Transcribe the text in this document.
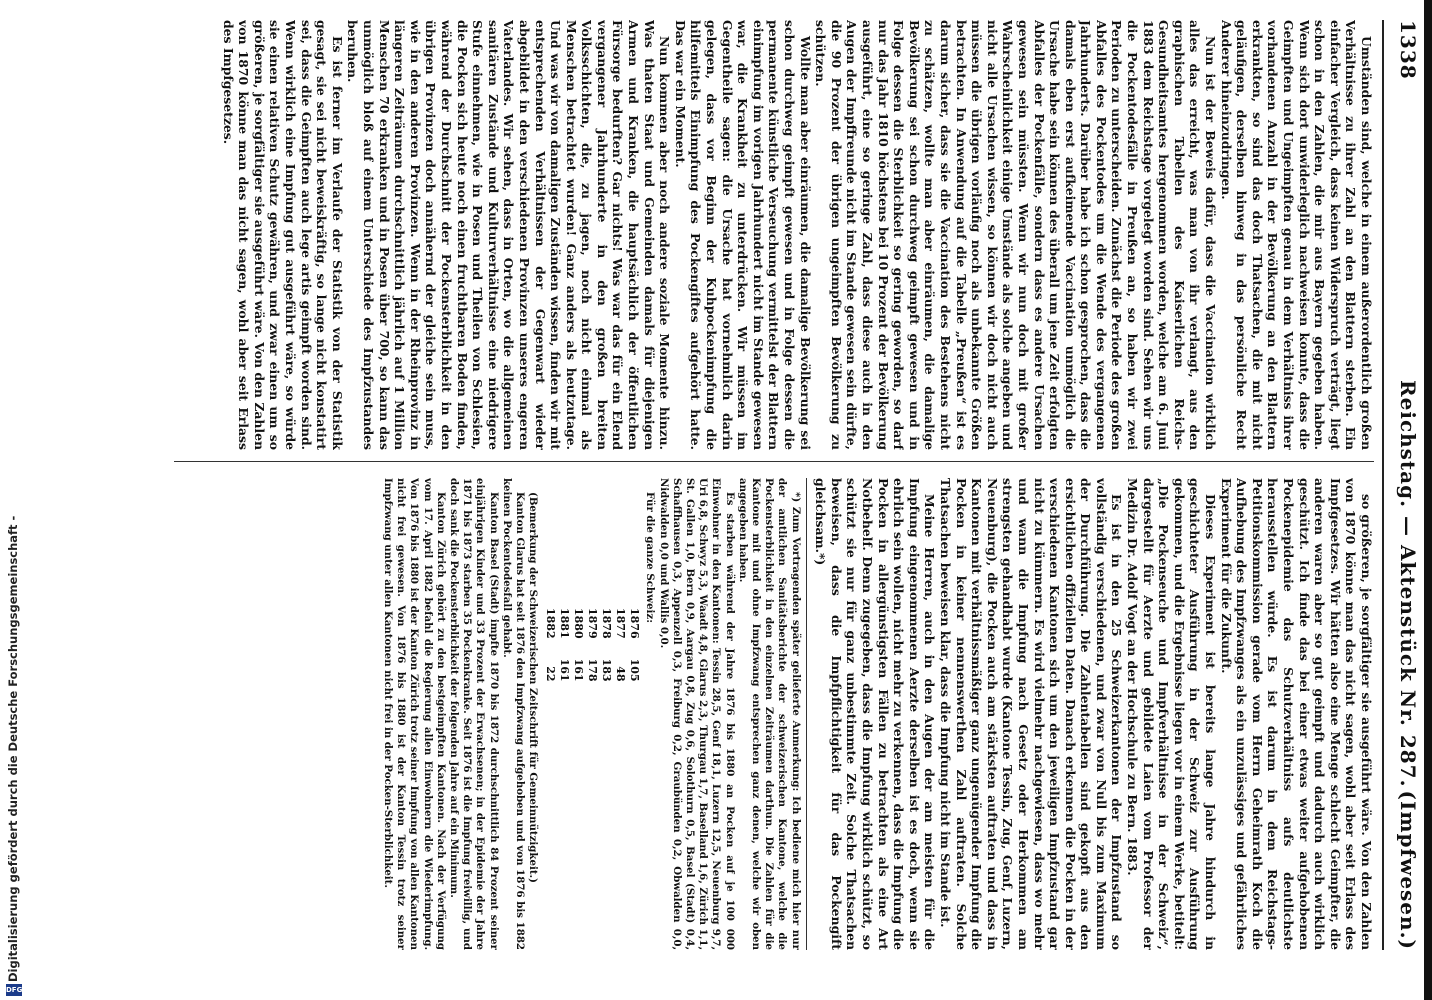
Digitalisierung gefördert durch die Deutsche Forschungsgemeinschaft -
DFG
1338
Reichstag. — Aktenstück Nr. 287.
(Impfwesen.)

Umständen sind, welche in einem außerordentlich großen Verhältnisse zu ihrer Zahl an den Blattern sterben. Ein einfacher Vergleich, dass keinen Widerspruch verträgt, liegt schon in den Zahlen, die mir aus Bayern gegeben haben. Wenn sich dort unwiderleglich nachweisen konnte, dass die Geimpften und Ungeimpften genau in dem Verhältniss ihrer vorhandenen Anzahl in der Bevölkerung an den Blattern erkrankten, so sind das doch Thatsachen, die mit nicht geläufigen, derselben hinweg in das persönliche Recht Anderer hineinzudringen.

Nun ist der Beweis dafür, dass die Vaccination wirklich alles das erreicht, was man von ihr verlangt, aus den graphischen Tabellen des Kaiserlichen Reichs-Gesundheitsamtes hergenommen worden, welche am 6. Juni 1883 dem Reichstage vorgelegt worden sind. Sehen wir uns die Pockentodesfälle in Preußen an, so haben wir zwei Perioden zu unterscheiden. Zunächst die Periode des großen Abfalles des Pockentodes um die Wende des vergangenen Jahrhunderts. Darüber habe ich schon gesprochen, dass die damals eben erst aufkeimende Vaccination unmöglich die Ursache habe sein können des überall um jene Zeit erfolgten Abfalles der Pockenfälle, sondern dass es andere Ursachen gewesen sein müssten. Wenn wir nun doch mit großer Wahrscheinlichkeit einige Umstände als solche angeben und nicht alle Ursachen wissen, so können wir doch nicht auch müssen die übrigen vorläufig noch als unbekannte Größen betrachten. In Anwendung auf die Tabelle „Preußen“ ist es darum sicher, dass sie die Vaccination des Bestehens nicht zu schätzen, wollte man aber einräumen, die damalige Bevölkerung sei schon durchweg geimpft gewesen und in Folge dessen die Sterblichkeit so gering geworden, so darf nur das Jahr 1810 höchstens bei 10 Prozent der Bevölkerung ausgeführt, eine so geringe Zahl, dass diese auch in den Augen der Impffreunde nicht im Stande gewesen sein dürfte, die 90 Prozent der übrigen ungeimpften Bevölkerung zu schützen.

Wollte man aber einräumen, die damalige Bevölkerung sei schon durchweg geimpft gewesen und in Folge dessen die permanente künstliche Verseuchung vermittelst der Blattern einimpfung im vorigen Jahrhundert nicht im Stande gewesen war, die Krankheit zu unterdrücken. Wir müssen im Gegentheile sagen: die Ursache hat vornehmlich darin gelegen, dass vor Beginn der Kuhpockenimpfung die hilfemittels Einimpfung des Pockengiftes aufgehört hatte. Das war ein Moment.

Nun kommen aber noch andere soziale Momente hinzu. Was thaten Staat und Gemeinden damals für diejenigen Armen und Kranken, die hauptsächlich der öffentlichen Fürsorge bedurften? Gar nichts! Was war das für ein Elend vergangener Jahrhunderte in den großen breiten Volksschichten, die, zu jagen, noch nicht einmal als Menschen betrachtet wurden! Ganz anders als heutzutage. Und was wir von damaligen Zuständen wissen, finden wir mit entsprechenden Verhältnissen der Gegenwart wieder abgebildet in den verschiedenen Provinzen unseres engeren Vaterlandes. Wir sehen, dass in Orten, wo die allgemeinen sanitären Zustände und Kulturverhältnisse eine niedrigere Stufe einnehmen, wie in Posen und Theilen von Schlesien, die Pocken sich heute noch einen fruchtbaren Boden finden, während der Durchschnitt der Pockensterblichkeit in den übrigen Provinzen doch annähernd der gleiche sein muss, wie in den anderen Provinzen. Wenn in der Rheinprovinz in längeren Zeiträumen durchschnittlich jährlich auf 1 Million Menschen 70 erkranken und in Posen über 700, so kann das unmöglich bloß auf einem Unterschiede des Impfzustandes beruhen.

Es ist ferner im Verlaufe der Statistik von der Statistik gesagt, sie sei nicht beweiskräftig, so lange nicht konstatirt sei, dass die Geimpften auch lege artis geimpft worden sind. Wenn wirklich eine Impfung gut ausgeführt wäre, so würde sie einen relativen Schutz gewähren, und zwar einen um so größeren, je sorgfältiger sie ausgeführt wäre. Von den Zahlen von 1870 könne man das nicht sagen, wohl aber seit Erlass des Impfgesetzes.

so größeren, je sorgfältiger sie ausgeführt wäre. Von den Zahlen von 1870 könne man das nicht sagen, wohl aber seit Erlass des Impfgesetzes. Wir hätten also eine Menge schlecht Geimpfter, die anderen waren aber so gut geimpft und dadurch auch wirklich geschützt. Ich finde das bei einer etwas weiter aufgehobenen Pockenepidemie das Schutzverhältniss aufs deutlichste herausstellen würde. Es ist darum in dem Reichstags-Petitionskommission gerade vom Herrn Geheimrath Koch die Aufhebung des Impfzwanges als ein unzulässiges und gefährliches Experiment für die Zukunft.

Dieses Experiment ist bereits lange Jahre hindurch in geschichteter Ausführung in der Schweiz zur Ausführung gekommen, und die Ergebnisse liegen vor in einem Werke, betitelt: „Die Pockenseuche und Impfverhältnisse in der Schweiz“, dargestellt für Aerzte und gebildete Laien vom Professor der Medizin Dr. Adolf Vogt an der Hochschule zu Bern. 1883.

Es ist in den 25 Schweizerkantonen der Impfzustand so vollständig verschiedenen, und zwar von Null bis zum Maximum der Durchführung. Die Zahlentabellen sind gekopft aus den ersichtlichen offiziellen Daten. Danach erkennen die Pocken in der verschiedenen Kantonen sich um den jeweiligen Impfzustand gar nicht zu kümmern. Es wird vielmehr nachgewiesen, dass wo mehr und wann die Impfung nach Gesetz oder Herkommen am strengsten gehandhabt wurde (Kantone Tessin, Zug, Genf, Luzern, Neuenburg), die Pocken auch am stärksten auftraten und dass in Kantonen mit verhältnissmäßiger ganz ungenügender Impfung die Pocken in keiner nennenswerthen Zahl auftraten. Solche Thatsachen beweisen klar, dass die Impfung nicht im Stande ist.

Meine Herren, auch in den Augen der am meisten für die Impfung eingenommenen Aerzte derselben ist es doch, wenn sie ehrlich sein wollen, nicht mehr zu verkennen, dass die Impfung die Pocken in allergünstigsten Fällen zu betrachten als eine Art Notbehelf. Denn zugegeben, dass die Impfung wirklich schützt, so schützt sie nur für ganz unbestimmte Zeit. Solche Thatsachen beweisen, dass die Impfpflichtigkeit für das Pockengift gleichsam.*)

*) Zum Vortragenden später gelieferte Anmerkung: Ich bediene mich hier nur der amtlichen Sanitätsberichte der schweizerischen Kantone, welche die Pockensterblichkeit in den einzelnen Zeiträumen darthun. Die Zahlen für die Kantone mit und ohne Impfzwang entsprechen ganz denen, welche wir oben angegeben haben.

Es starben während der Jahre 1876 bis 1880 an Pocken auf je 100 000 Einwohner in den Kantonen: Tessin 28,5, Genf 18,1, Luzern 12,5, Neuenburg 9,7, Uri 6,8, Schwyz 5,3, Waadt 4,8, Glarus 2,3, Thurgau 1,7, Baselland 1,6, Zürich 1,1, St. Gallen 1,0, Bern 0,9, Aargau 0,8, Zug 0,6, Solothurn 0,5, Basel (Stadt) 0,4, Schaffhausen 0,3, Appenzell 0,3, Freiburg 0,2, Graubünden 0,2, Obwalden 0,0, Nidwalden 0,0 und Wallis 0,0.

Für die ganze Schweiz:

1876	105
1877	48
1878	183
1879	178
1880	161
1881	161
1882	22

(Bemerkung der Schweizerischen Zeitschrift für Gemeinnützigkeit.)

Kanton Glarus hat seit 1876 den Impfzwang aufgehoben und von 1876 bis 1882 keinen Pockentodesfall gehabt.

Kanton Basel (Stadt) impfte 1870 bis 1872 durchschnittlich 84 Prozent seiner einjährigen Kinder und 33 Prozent der Erwachsenen; in der Epidemie der Jahre 1871 bis 1873 starben 35 Pockenkranke. Seit 1876 ist die Impfung freiwillig, und doch sank die Pockensterblichkeit der folgenden Jahre auf ein Minimum.

Kanton Zürich gehört zu den bestgeimpften Kantonen. Nach der Verfügung vom 17. April 1882 befahl die Regierung allen Einwohnern die Wiederimpfung. Von 1876 bis 1880 ist der Kanton Zürich trotz seiner Impfung von allen Kantonen nicht frei gewesen. Von 1876 bis 1880 ist der Kanton Tessin trotz seiner Impfzwang unter allen Kantonen nicht frei in der Pocken-Sterblichkeit.
